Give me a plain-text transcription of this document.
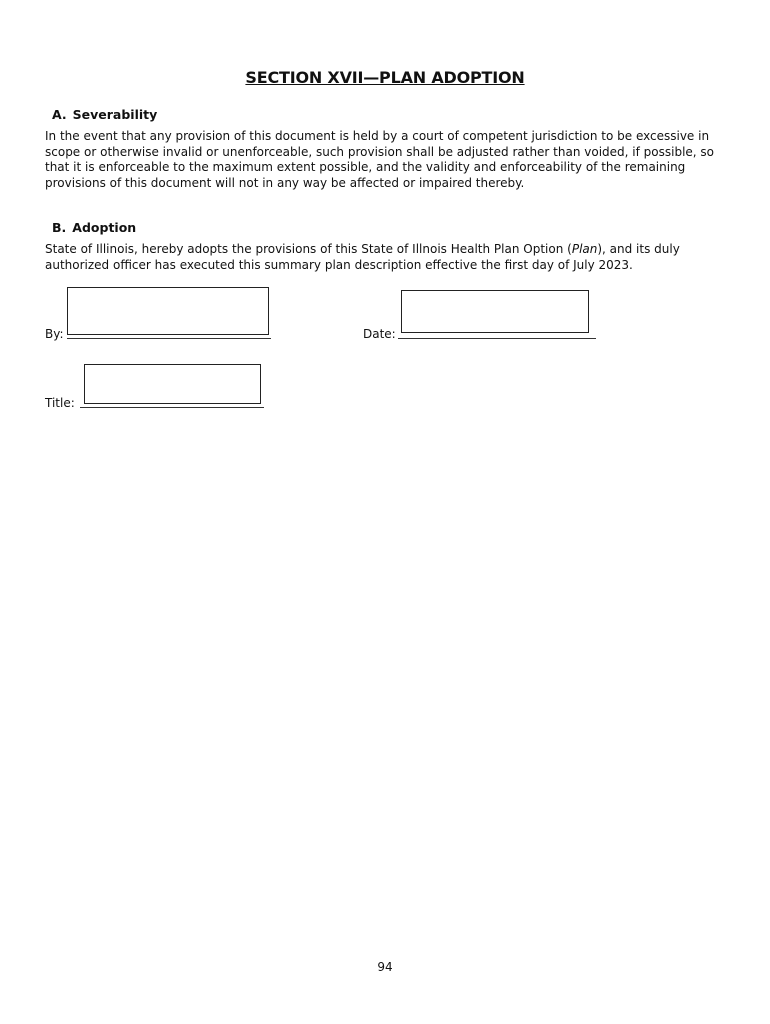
SECTION XVII—PLAN ADOPTION
A. Severability
In the event that any provision of this document is held by a court of competent jurisdiction to be excessive in scope or otherwise invalid or unenforceable, such provision shall be adjusted rather than voided, if possible, so that it is enforceable to the maximum extent possible, and the validity and enforceability of the remaining provisions of this document will not in any way be affected or impaired thereby.
B. Adoption
State of Illinois, hereby adopts the provisions of this State of Illnois Health Plan Option (Plan), and its duly authorized officer has executed this summary plan description effective the first day of July 2023.
By:	Date:
Title:
94
